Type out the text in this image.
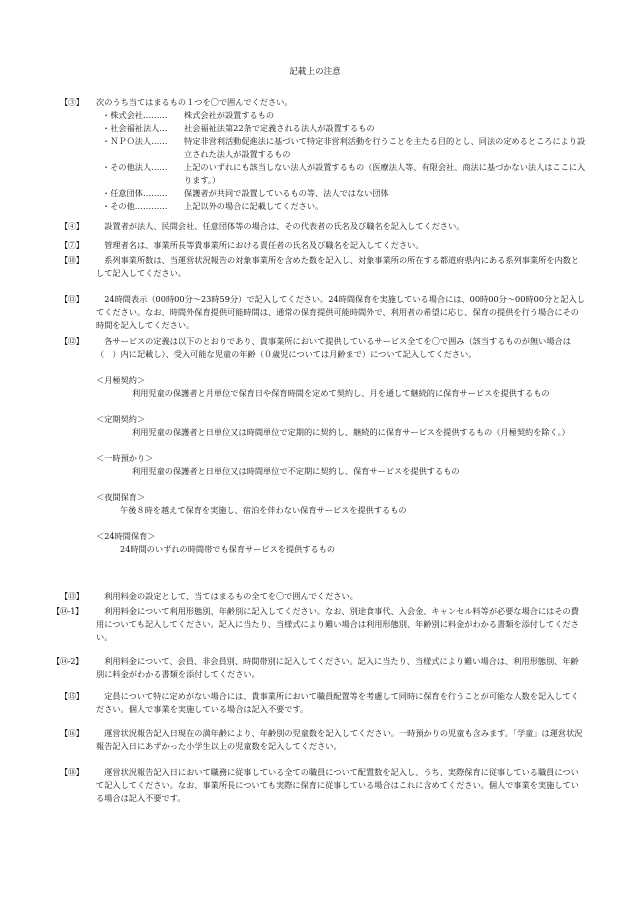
記載上の注意
【③】 次のうち当てはまるもの１つを〇で囲んでください。

・株式会社……… 株式会社が設置するもの
・社会福祉法人… 社会福祉法第22条で定義される法人が設置するもの
・ＮＰＯ法人…… 特定非営利活動促進法に基づいて特定非営利活動を行うことを主たる目的とし、同法の定めるところにより設立された法人が設置するもの
・その他法人…… 上記のいずれにも該当しない法人が設置するもの（医療法人等、有限会社、商法に基づかない法人はここに入ります。）
・任意団体……… 保護者が共同で設置しているもの等、法人ではない団体
・その他………… 上記以外の場合に記載してください。
【④】	設置者が法人、民間会社、任意団体等の場合は、その代表者の氏名及び職名を記入してください。

【⑦】	管理者名は、事業所長等貴事業所における責任者の氏名及び職名を記入してください。

【⑩】	系列事業所数は、当運営状況報告の対象事業所を含めた数を記入し、対象事業所の所在する都道府県内にある系列事業所を内数として記入してください。

【⑪】	24時間表示（00時00分～23時59分）で記入してください。24時間保育を実施している場合には、00時00分～00時00分と記入してください。なお、時間外保育提供可能時間は、通常の保育提供可能時間外で、利用者の希望に応じ、保育の提供を行う場合にその時間を記入してください。

【⑫】	各サービスの定義は以下のとおりであり、貴事業所において提供しているサービス全てを〇で囲み（該当するものが無い場合は（　）内に記載し）、受入可能な児童の年齢（０歳児については月齢まで）について記入してください。

＜月極契約＞
利用児童の保護者と月単位で保育日や保育時間を定めて契約し、月を通して継続的に保育サービスを提供するもの
＜定期契約＞
利用児童の保護者と日単位又は時間単位で定期的に契約し、継続的に保育サービスを提供するもの（月極契約を除く。）
＜一時預かり＞
利用児童の保護者と日単位又は時間単位で不定期に契約し、保育サービスを提供するもの
＜夜間保育＞
午後８時を越えて保育を実施し、宿泊を伴わない保育サービスを提供するもの
＜24時間保育＞
24時間のいずれの時間帯でも保育サービスを提供するもの
【⑬】	利用料金の設定として、当てはまるもの全てを〇で囲んでください。

【⑭-1】	利用料金について利用形態別、年齢別に記入してください。なお、別途食事代、入会金、キャンセル料等が必要な場合にはその費用についても記入してください。記入に当たり、当様式により難い場合は利用形態別、年齢別に料金がわかる書類を添付してください。

【⑭-2】	利用料金について、会員、非会員別、時間帯別に記入してください。記入に当たり、当様式により難い場合は、利用形態別、年齢別に料金がわかる書類を添付してください。

【⑮】	定員について特に定めがない場合には、貴事業所において職員配置等を考慮して同時に保育を行うことが可能な人数を記入してください。個人で事業を実施している場合は記入不要です。

【⑯】	運営状況報告記入日現在の満年齢により、年齢別の児童数を記入してください。一時預かりの児童も含みます。「学童」は運営状況報告記入日にあずかった小学生以上の児童数を記入してください。

【⑱】	運営状況報告記入日において職務に従事している全ての職員について配置数を記入し、うち、実際保育に従事している職員について記入してください。なお、事業所長についても実際に保育に従事している場合はこれに含めてください。個人で事業を実施している場合は記入不要です。
